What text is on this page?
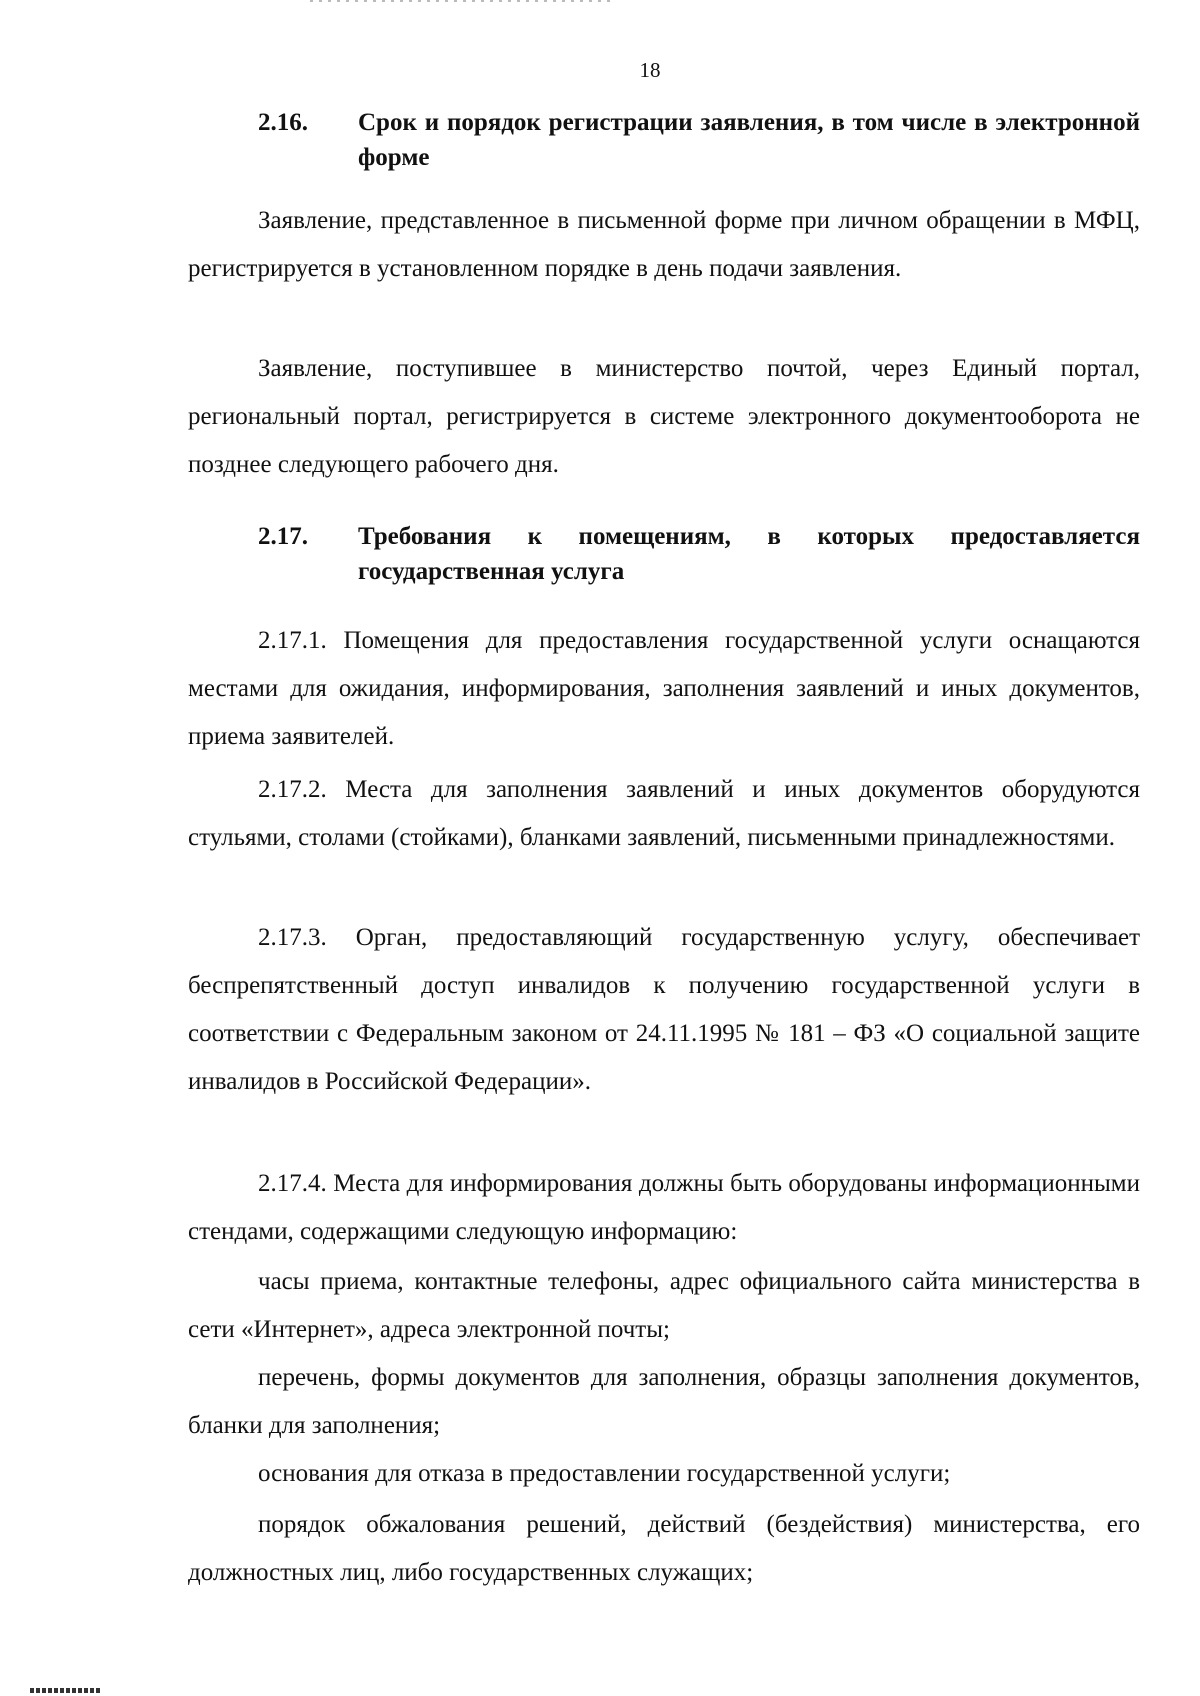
18
2.16. Срок и порядок регистрации заявления, в том числе в электронной форме

Заявление, представленное в письменной форме при личном обращении в МФЦ, регистрируется в установленном порядке в день подачи заявления.

Заявление, поступившее в министерство почтой, через Единый портал, региональный портал, регистрируется в системе электронного документооборота не позднее следующего рабочего дня.

2.17. Требования к помещениям, в которых предоставляется государственная услуга

2.17.1. Помещения для предоставления государственной услуги оснащаются местами для ожидания, информирования, заполнения заявлений и иных документов, приема заявителей.

2.17.2. Места для заполнения заявлений и иных документов оборудуются стульями, столами (стойками), бланками заявлений, письменными принадлежностями.

2.17.3. Орган, предоставляющий государственную услугу, обеспечивает беспрепятственный доступ инвалидов к получению государственной услуги в соответствии с Федеральным законом от 24.11.1995 № 181 – ФЗ «О социальной защите инвалидов в Российской Федерации».

2.17.4. Места для информирования должны быть оборудованы информационными стендами, содержащими следующую информацию:

часы приема, контактные телефоны, адрес официального сайта министерства в сети «Интернет», адреса электронной почты;

перечень, формы документов для заполнения, образцы заполнения документов, бланки для заполнения;

основания для отказа в предоставлении государственной услуги;

порядок обжалования решений, действий (бездействия) министерства, его должностных лиц, либо государственных служащих;
